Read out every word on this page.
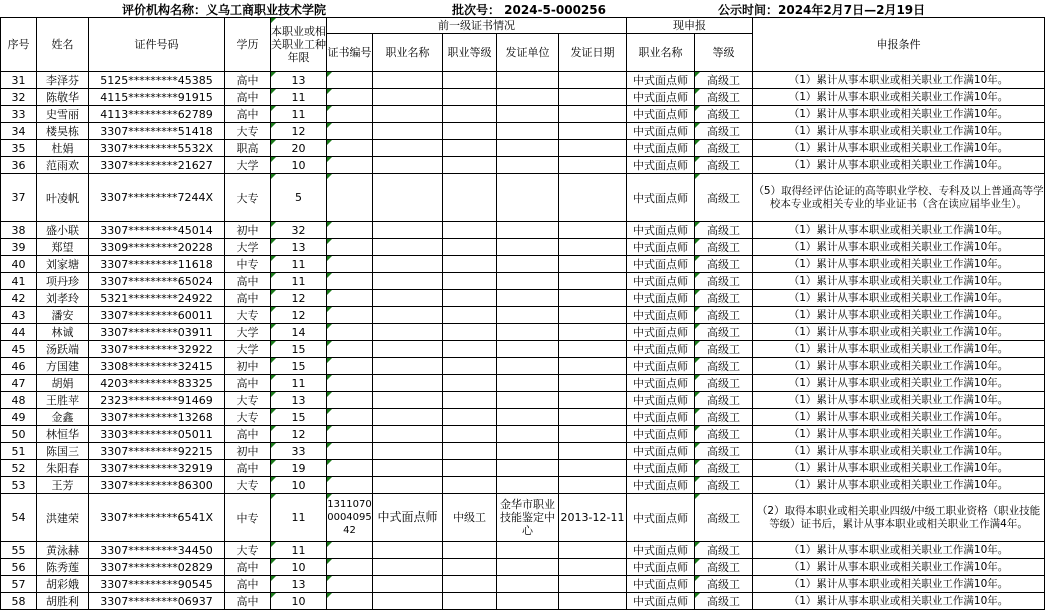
评价机构名称：义乌工商职业技术学院	批次号： 2024-5-000256	公示时间：2024年2月7日—2月19日
序号	姓名	证件号码	学历	本职业或相关职业工种年限	前一级证书情况					现申报		申报条件
					证书编号	职业名称	职业等级	发证单位	发证日期	职业名称	等级	
31	李泽芬	5125*********45385	高中	13						中式面点师	高级工	（1）累计从事本职业或相关职业工作满10年。
32	陈敬华	4115*********91915	高中	11						中式面点师	高级工	（1）累计从事本职业或相关职业工作满10年。
33	史雪丽	4113*********62789	高中	11						中式面点师	高级工	（1）累计从事本职业或相关职业工作满10年。
34	楼昊栋	3307*********51418	大专	12						中式面点师	高级工	（1）累计从事本职业或相关职业工作满10年。
35	杜娟	3307*********5532X	职高	20						中式面点师	高级工	（1）累计从事本职业或相关职业工作满10年。
36	范雨欢	3307*********21627	大学	10						中式面点师	高级工	（1）累计从事本职业或相关职业工作满10年。
37	叶凌帆	3307*********7244X	大专	5						中式面点师	高级工	（5）取得经评估论证的高等职业学校、专科及以上普通高等学校本专业或相关专业的毕业证书（含在读应届毕业生）。
38	盛小联	3307*********45014	初中	32						中式面点师	高级工	（1）累计从事本职业或相关职业工作满10年。
39	郑望	3309*********20228	大学	13						中式面点师	高级工	（1）累计从事本职业或相关职业工作满10年。
40	刘家塘	3307*********11618	中专	11						中式面点师	高级工	（1）累计从事本职业或相关职业工作满10年。
41	项丹珍	3307*********65024	高中	11						中式面点师	高级工	（1）累计从事本职业或相关职业工作满10年。
42	刘孝玲	5321*********24922	高中	12						中式面点师	高级工	（1）累计从事本职业或相关职业工作满10年。
43	潘安	3307*********60011	大专	12						中式面点师	高级工	（1）累计从事本职业或相关职业工作满10年。
44	林诚	3307*********03911	大学	14						中式面点师	高级工	（1）累计从事本职业或相关职业工作满10年。
45	汤跃端	3307*********32922	大学	15						中式面点师	高级工	（1）累计从事本职业或相关职业工作满10年。
46	方国建	3308*********32415	初中	15						中式面点师	高级工	（1）累计从事本职业或相关职业工作满10年。
47	胡娟	4203*********83325	高中	11						中式面点师	高级工	（1）累计从事本职业或相关职业工作满10年。
48	王胜苹	2323*********91469	大专	13						中式面点师	高级工	（1）累计从事本职业或相关职业工作满10年。
49	金鑫	3307*********13268	大专	15						中式面点师	高级工	（1）累计从事本职业或相关职业工作满10年。
50	林恒华	3303*********05011	高中	12						中式面点师	高级工	（1）累计从事本职业或相关职业工作满10年。
51	陈国三	3307*********92215	初中	33						中式面点师	高级工	（1）累计从事本职业或相关职业工作满10年。
52	朱阳春	3307*********32919	高中	19						中式面点师	高级工	（1）累计从事本职业或相关职业工作满10年。
53	王芳	3307*********86300	大专	10						中式面点师	高级工	（1）累计从事本职业或相关职业工作满10年。
54	洪建荣	3307*********6541X	中专	11	1311070000409542	中式面点师	中级工	金华市职业技能鉴定中心	2013-12-11	中式面点师	高级工	（2）取得本职业或相关职业四级/中级工职业资格（职业技能等级）证书后，累计从事本职业或相关职业工作满4年。
55	黄泳赫	3307*********34450	大专	11						中式面点师	高级工	（1）累计从事本职业或相关职业工作满10年。
56	陈秀莲	3307*********02829	高中	10						中式面点师	高级工	（1）累计从事本职业或相关职业工作满10年。
57	胡彩娥	3307*********90545	高中	13						中式面点师	高级工	（1）累计从事本职业或相关职业工作满10年。
58	胡胜利	3307*********06937	高中	10						中式面点师	高级工	（1）累计从事本职业或相关职业工作满10年。
